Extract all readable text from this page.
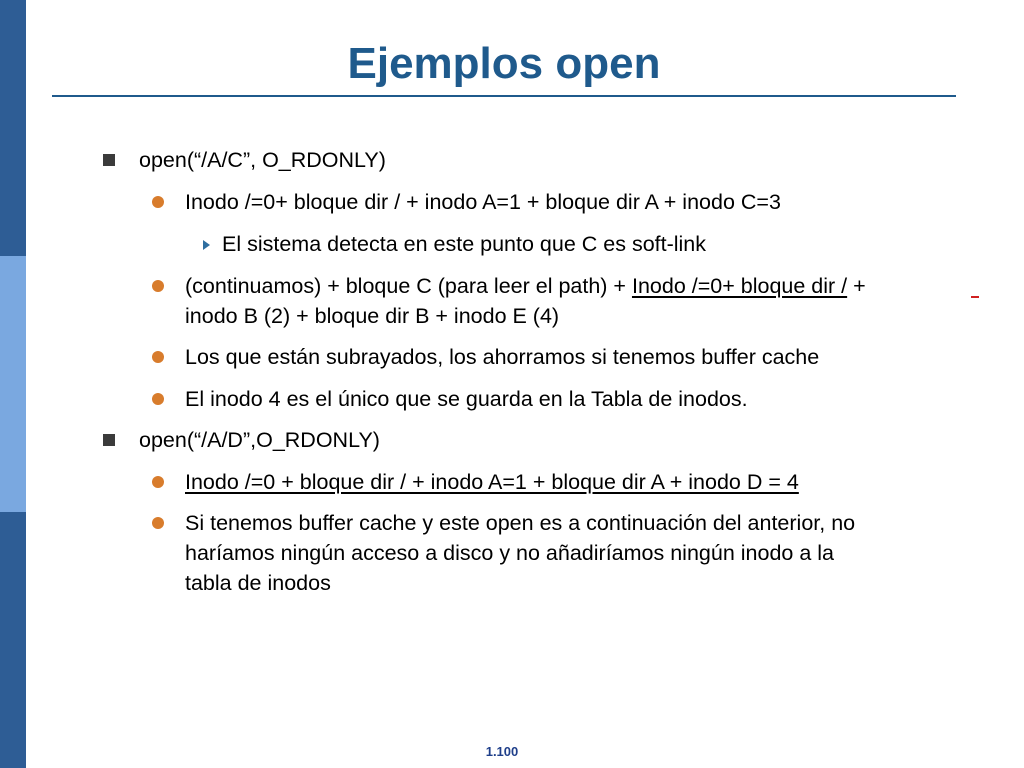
Ejemplos open
open(“/A/C”, O_RDONLY)
Inodo /=0+ bloque dir / + inodo A=1 + bloque dir A + inodo C=3
El sistema detecta en este punto que C es soft-link
(continuamos) + bloque C (para leer el path) + Inodo /=0+ bloque dir / +
inodo B (2) + bloque dir B + inodo E (4)
Los que están subrayados, los ahorramos si tenemos buffer cache
El inodo 4 es el único que se guarda en la Tabla de inodos.
open(“/A/D”,O_RDONLY)
Inodo /=0 + bloque dir / + inodo A=1 + bloque dir A + inodo D = 4
Si tenemos buffer cache y este open es a continuación del anterior, no
haríamos ningún acceso a disco y no añadiríamos ningún inodo a la
tabla de inodos
1.100
